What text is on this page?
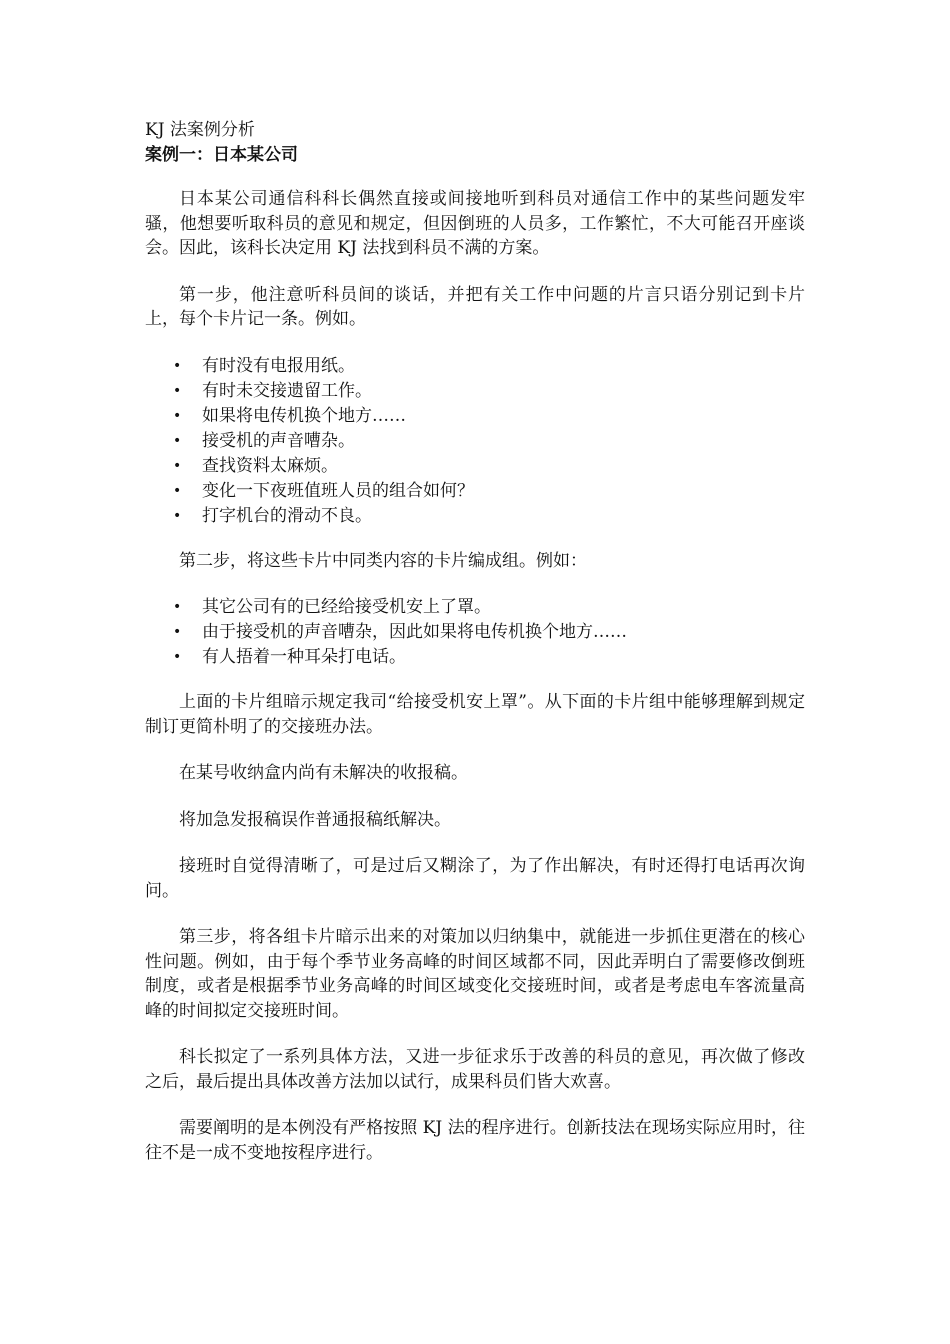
KJ 法案例分析
案例一：日本某公司

日本某公司通信科科长偶然直接或间接地听到科员对通信工作中的某些问题发牢骚，他想要听取科员的意见和规定，但因倒班的人员多，工作繁忙，不大可能召开座谈会。因此，该科长决定用 KJ 法找到科员不满的方案。

第一步，他注意听科员间的谈话，并把有关工作中问题的片言只语分别记到卡片上，每个卡片记一条。例如。

• 有时没有电报用纸。
• 有时未交接遗留工作。
• 如果将电传机换个地方……
• 接受机的声音嘈杂。
• 查找资料太麻烦。
• 变化一下夜班值班人员的组合如何？
• 打字机台的滑动不良。

第二步，将这些卡片中同类内容的卡片编成组。例如：

• 其它公司有的已经给接受机安上了罩。
• 由于接受机的声音嘈杂，因此如果将电传机换个地方……
• 有人捂着一种耳朵打电话。

上面的卡片组暗示规定我司“给接受机安上罩”。从下面的卡片组中能够理解到规定制订更简朴明了的交接班办法。

在某号收纳盒内尚有未解决的收报稿。

将加急发报稿误作普通报稿纸解决。

接班时自觉得清晰了，可是过后又糊涂了，为了作出解决，有时还得打电话再次询问。

第三步，将各组卡片暗示出来的对策加以归纳集中，就能进一步抓住更潜在的核心性问题。例如，由于每个季节业务高峰的时间区域都不同，因此弄明白了需要修改倒班制度，或者是根据季节业务高峰的时间区域变化交接班时间，或者是考虑电车客流量高峰的时间拟定交接班时间。

科长拟定了一系列具体方法，又进一步征求乐于改善的科员的意见，再次做了修改之后，最后提出具体改善方法加以试行，成果科员们皆大欢喜。

需要阐明的是本例没有严格按照 KJ 法的程序进行。创新技法在现场实际应用时，往往不是一成不变地按程序进行。
